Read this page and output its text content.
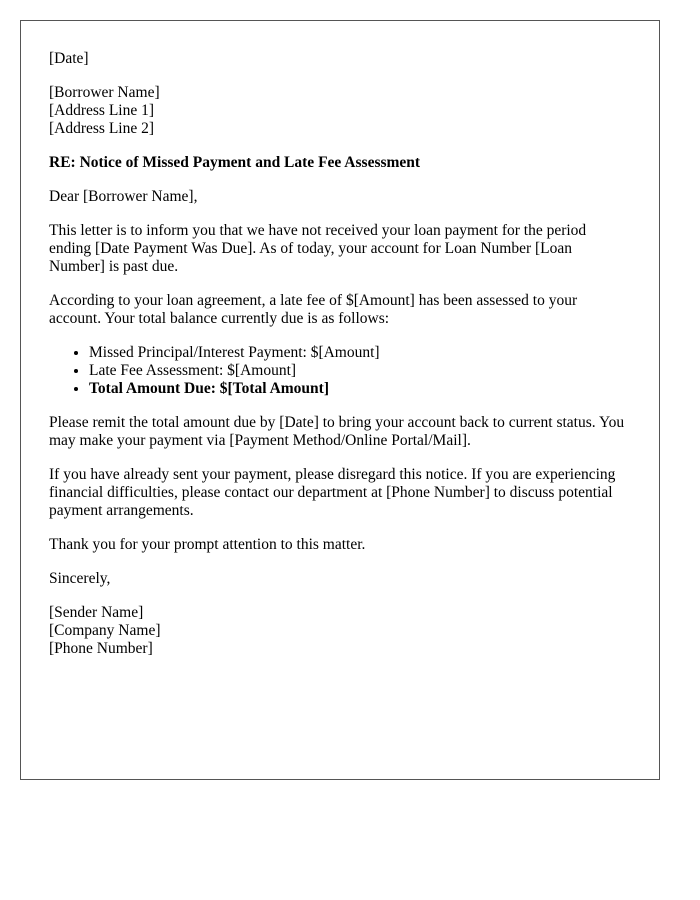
[Date]

[Borrower Name]
[Address Line 1]
[Address Line 2]

RE: Notice of Missed Payment and Late Fee Assessment

Dear [Borrower Name],

This letter is to inform you that we have not received your loan payment for the period ending [Date Payment Was Due]. As of today, your account for Loan Number [Loan Number] is past due.

According to your loan agreement, a late fee of $[Amount] has been assessed to your account. Your total balance currently due is as follows:

• Missed Principal/Interest Payment: $[Amount]
• Late Fee Assessment: $[Amount]
• Total Amount Due: $[Total Amount]

Please remit the total amount due by [Date] to bring your account back to current status. You may make your payment via [Payment Method/Online Portal/Mail].

If you have already sent your payment, please disregard this notice. If you are experiencing financial difficulties, please contact our department at [Phone Number] to discuss potential payment arrangements.

Thank you for your prompt attention to this matter.

Sincerely,

[Sender Name]
[Company Name]
[Phone Number]
